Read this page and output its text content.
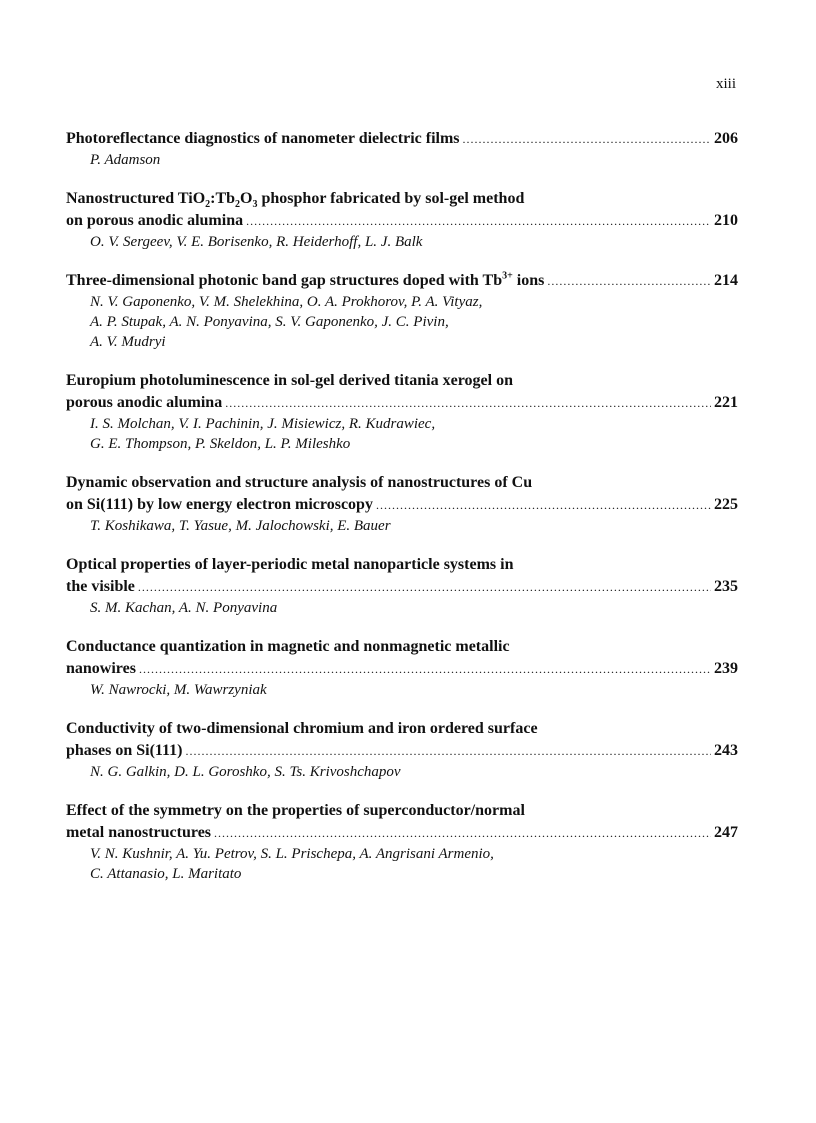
xiii
Photoreflectance diagnostics of nanometer dielectric films . . .	206
P. Adamson
Nanostructured $TiO_2:Tb_2O_3$ phosphor fabricated by sol-gel method
on porous anodic alumina . . .	210
O. V. Sergeev, V. E. Borisenko, R. Heiderhoff, L. J. Balk
Three-dimensional photonic band gap structures doped with $Tb^{3+}$ ions . . .	214
N. V. Gaponenko, V. M. Shelekhina, O. A. Prokhorov, P. A. Vityaz,
A. P. Stupak, A. N. Ponyavina, S. V. Gaponenko, J. C. Pivin,
A. V. Mudryi
Europium photoluminescence in sol-gel derived titania xerogel on
porous anodic alumina . . .	221
I. S. Molchan, V. I. Pachinin, J. Misiewicz, R. Kudrawiec,
G. E. Thompson, P. Skeldon, L. P. Mileshko
Dynamic observation and structure analysis of nanostructures of Cu
on Si(111) by low energy electron microscopy . . .	225
T. Koshikawa, T. Yasue, M. Jalochowski, E. Bauer
Optical properties of layer-periodic metal nanoparticle systems in
the visible . . .	235
S. M. Kachan, A. N. Ponyavina
Conductance quantization in magnetic and nonmagnetic metallic
nanowires . . .	239
W. Nawrocki, M. Wawrzyniak
Conductivity of two-dimensional chromium and iron ordered surface
phases on Si(111) . . .	243
N. G. Galkin, D. L. Goroshko, S. Ts. Krivoshchapov
Effect of the symmetry on the properties of superconductor/normal
metal nanostructures . . .	247
V. N. Kushnir, A. Yu. Petrov, S. L. Prischepa, A. Angrisani Armenio,
C. Attanasio, L. Maritato
